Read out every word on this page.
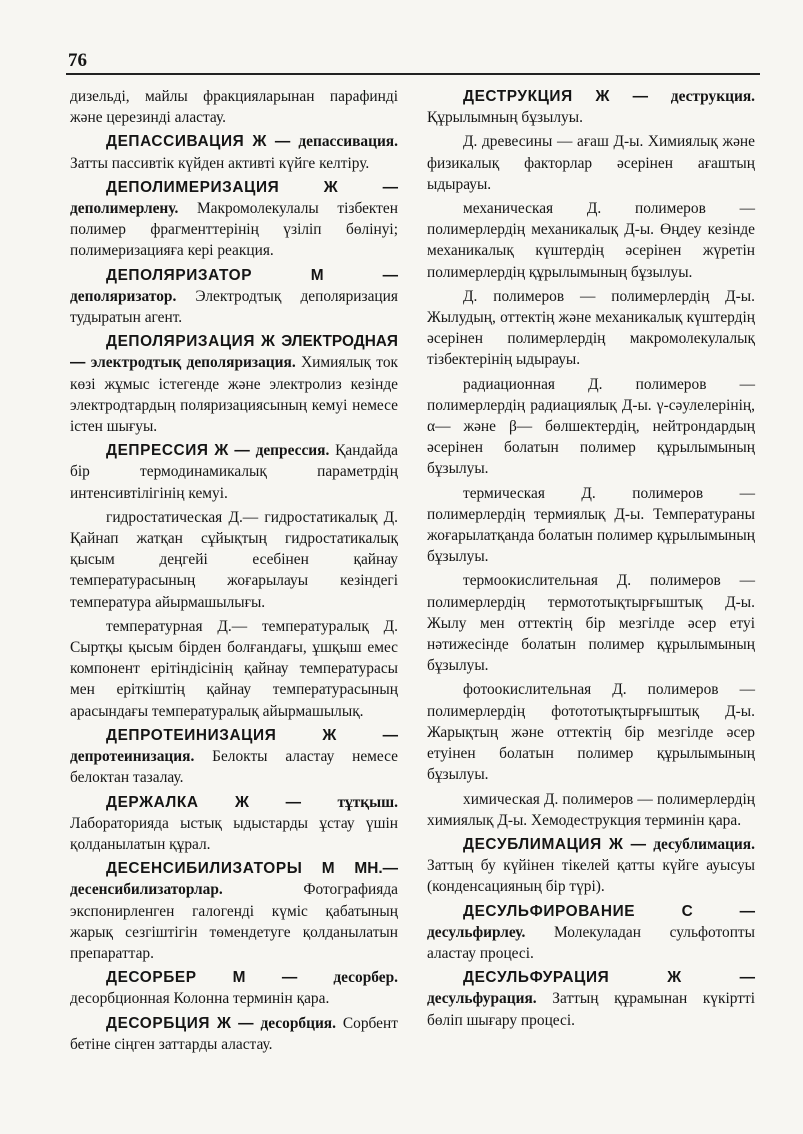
76

дизельді, майлы фракцияларынан парафинді және церезинді аластау.

ДЕПАССИВАЦИЯ Ж — депассивация. Затты пассивтік күйден активті күйге келтіру.

ДЕПОЛИМЕРИЗАЦИЯ	Ж — деполимерлену. Макромолекулалы тізбектен полимер фрагменттерінің үзіліп бөлінуі; полимеризацияға кері реакция.

ДЕПОЛЯРИЗАТОР	М — деполяризатор. Электродтық деполяризация тудыратын агент.

ДЕПОЛЯРИЗАЦИЯ Ж ЭЛЕКТРОДНАЯ — электродтық деполяризация. Химиялық ток көзі жұмыс істегенде және электролиз кезінде электродтардың поляризациясының кемуі немесе істен шығуы.

ДЕПРЕССИЯ Ж — депрессия. Қандайда бір термодинамикалық параметрдің интенсивтілігінің кемуі.

гидростатическая Д.— гидростатикалық Д. Қайнап жатқан сұйықтың гидростатикалық қысым деңгейі есебінен қайнау температурасының жоғарылауы кезіндегі температура айырмашылығы.

температурная Д.— температуралық Д. Сыртқы қысым бірден болғандағы, ұшқыш емес компонент ерітіндісінің қайнау температурасы мен еріткіштің қайнау температурасының арасындағы температуралық айырмашылық.

ДЕПРОТЕИНИЗАЦИЯ	Ж — депротеинизация. Белокты аластау немесе белоктан тазалау.

ДЕРЖАЛКА Ж — тұтқыш. Лабораторияда ыстық ыдыстарды ұстау үшін қолданылатын құрал.

ДЕСЕНСИБИЛИЗАТОРЫ М МН.— десенсибилизаторлар.	Фотографияда экспонирленген галогенді күміс қабатының жарық сезгіштігін төмендетуге қолданылатын препараттар.

ДЕСОРБЕР М — десорбер. десорбционная Колонна терминін қара.

ДЕСОРБЦИЯ Ж — десорбция. Сорбент бетіне сіңген заттарды аластау.

ДЕСТРУКЦИЯ Ж — деструкция. Құрылымның бұзылуы.

Д. древесины — ағаш Д-ы. Химиялық және физикалық факторлар әсерінен ағаштың ыдырауы.

механическая Д. полимеров — полимерлердің механикалық Д-ы. Өңдеу кезінде механикалық күштердің әсерінен жүретін полимерлердің құрылымының бұзылуы.

Д. полимеров — полимерлердің Д-ы. Жылудың, оттектің және механикалық күштердің әсерінен полимерлердің макромолекулалық тізбектерінің ыдырауы.

радиационная Д. полимеров — полимерлердің радиациялық Д-ы. γ-сәулелерінің, α— және β— бөлшектердің, нейтрондардың әсерінен болатын полимер құрылымының бұзылуы.

термическая Д. полимеров — полимерлердің термиялық Д-ы. Температураны жоғарылатқанда болатын полимер құрылымының бұзылуы.

термоокислительная Д. полимеров — полимерлердің термототықтырғыштық Д-ы. Жылу мен оттектің бір мезгілде әсер етуі нәтижесінде болатын полимер құрылымының бұзылуы.

фотоокислительная Д. полимеров — полимерлердің фотототықтырғыштық Д-ы. Жарықтың және оттектің бір мезгілде әсер етуінен болатын полимер құрылымының бұзылуы.

химическая Д. полимеров — полимерлердің химиялық Д-ы. Хемодеструкция терминін қара.

ДЕСУБЛИМАЦИЯ Ж — десублимация. Заттың бу күйінен тікелей қатты күйге ауысуы (конденсацияның бір түрі).

ДЕСУЛЬФИРОВАНИЕ	С — десульфирлеу. Молекуладан сульфотопты аластау процесі.

ДЕСУЛЬФУРАЦИЯ	Ж — десульфурация. Заттың құрамынан күкіртті бөліп шығару процесі.
